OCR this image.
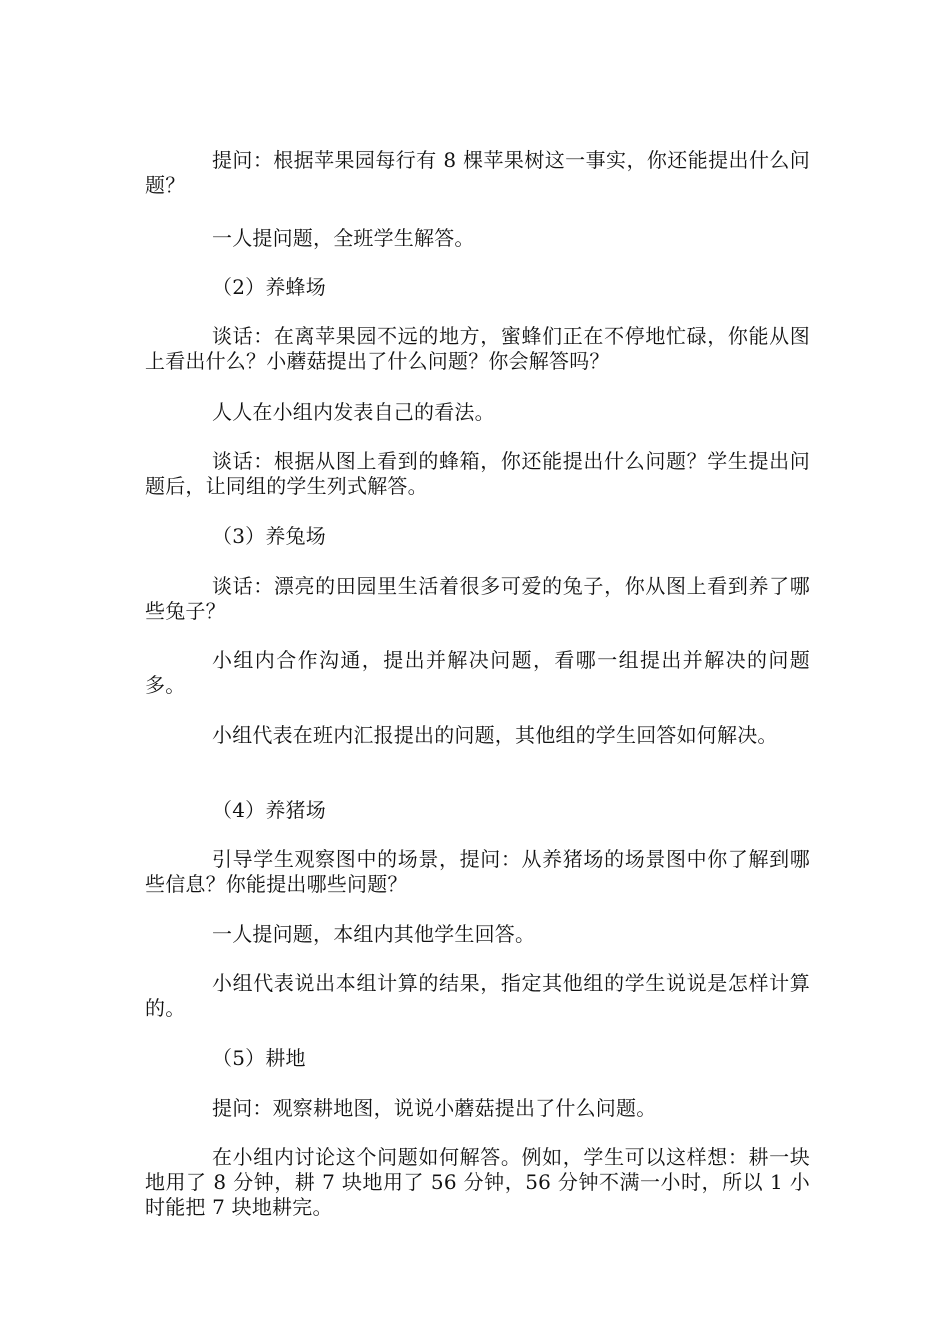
提问：根据苹果园每行有 8 棵苹果树这一事实，你还能提出什么问题？

一人提问题，全班学生解答。

（2）养蜂场

谈话：在离苹果园不远的地方，蜜蜂们正在不停地忙碌，你能从图上看出什么？小蘑菇提出了什么问题？你会解答吗？

人人在小组内发表自己的看法。

谈话：根据从图上看到的蜂箱，你还能提出什么问题？学生提出问题后，让同组的学生列式解答。

（3）养兔场

谈话：漂亮的田园里生活着很多可爱的兔子，你从图上看到养了哪些兔子？

小组内合作沟通，提出并解决问题，看哪一组提出并解决的问题多。

小组代表在班内汇报提出的问题，其他组的学生回答如何解决。

（4）养猪场

引导学生观察图中的场景，提问：从养猪场的场景图中你了解到哪些信息？你能提出哪些问题？

一人提问题，本组内其他学生回答。

小组代表说出本组计算的结果，指定其他组的学生说说是怎样计算的。

（5）耕地

提问：观察耕地图，说说小蘑菇提出了什么问题。

在小组内讨论这个问题如何解答。例如，学生可以这样想：耕一块地用了 8 分钟，耕 7 块地用了 56 分钟，56 分钟不满一小时，所以 1 小时能把 7 块地耕完。
